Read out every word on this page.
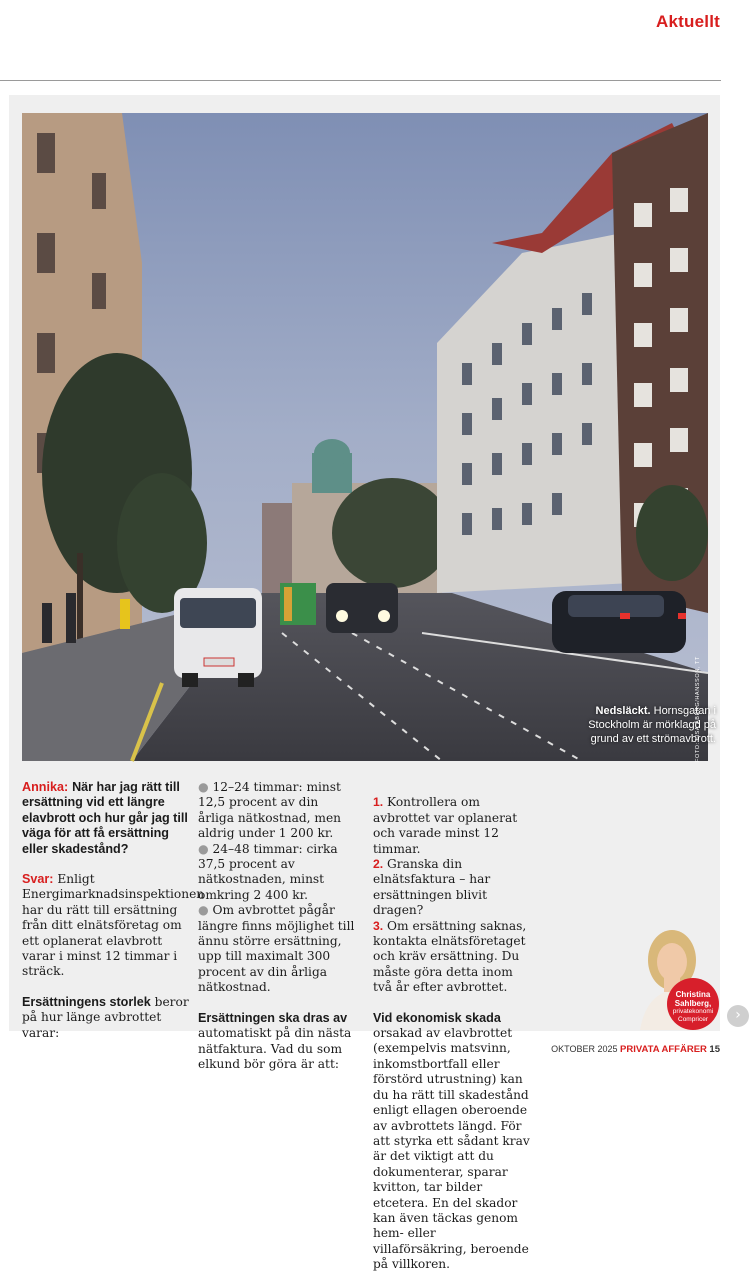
Aktuellt
Nedsläckt. Hornsgatan i Stockholm är mörklagd på grund av ett strömavbrott.
FOTO: LISA ÅBERG/HANSSON, TT

Annika: När har jag rätt till ersättning vid ett längre elavbrott och hur går jag till väga för att få ersättning eller skadestånd?

Svar: Enligt Energimarknadsinspektionen har du rätt till ersättning från ditt elnätsföretag om ett oplanerat elavbrott varar i minst 12 timmar i sträck.

Ersättningens storlek beror på hur länge avbrottet varar:

● 12–24 timmar: minst 12,5 procent av din årliga nätkostnad, men aldrig under 1 200 kr.

● 24–48 timmar: cirka 37,5 procent av nätkostnaden, minst omkring 2 400 kr.

● Om avbrottet pågår längre finns möjlighet till ännu större ersättning, upp till maximalt 300 procent av din årliga nätkostnad.

Ersättningen ska dras av automatiskt på din nästa nätfaktura. Vad du som elkund bör göra är att:

1. Kontrollera om avbrottet var oplanerat och varade minst 12 timmar.

2. Granska din elnätsfaktura – har ersättningen blivit dragen?

3. Om ersättning saknas, kontakta elnätsföretaget och kräv ersättning. Du måste göra detta inom två år efter avbrottet.

Vid ekonomisk skada orsakad av elavbrottet (exempelvis matsvinn, inkomstbortfall eller förstörd utrustning) kan du ha rätt till skadestånd enligt ellagen oberoende av avbrottets längd. För att styrka ett sådant krav är det viktigt att du dokumenterar, sparar kvitton, tar bilder etcetera. En del skador kan även täckas genom hem- eller villaförsäkring, beroende på villkoren.

Christina Sahlberg,
privatekonomi Compricer	›
OKTOBER 2025 PRIVATA AFFÄRER 15
